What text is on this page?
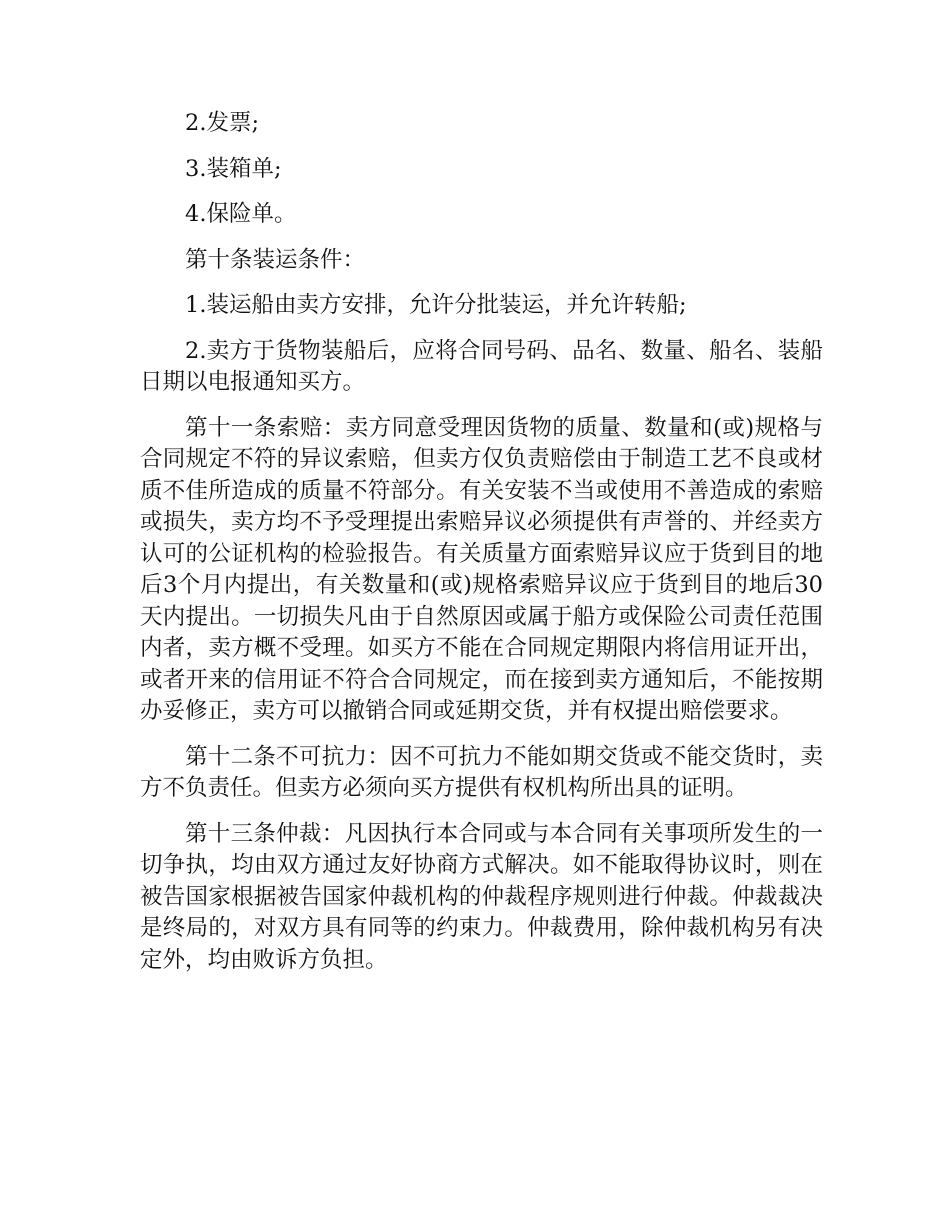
2.发票;

3.装箱单;

4.保险单。

第十条装运条件：

1.装运船由卖方安排，允许分批装运，并允许转船;

2.卖方于货物装船后，应将合同号码、品名、数量、船名、装船日期以电报通知买方。

第十一条索赔：卖方同意受理因货物的质量、数量和(或)规格与合同规定不符的异议索赔，但卖方仅负责赔偿由于制造工艺不良或材质不佳所造成的质量不符部分。有关安装不当或使用不善造成的索赔或损失，卖方均不予受理提出索赔异议必须提供有声誉的、并经卖方认可的公证机构的检验报告。有关质量方面索赔异议应于货到目的地后3个月内提出，有关数量和(或)规格索赔异议应于货到目的地后30天内提出。一切损失凡由于自然原因或属于船方或保险公司责任范围内者，卖方概不受理。如买方不能在合同规定期限内将信用证开出，或者开来的信用证不符合合同规定，而在接到卖方通知后，不能按期办妥修正，卖方可以撤销合同或延期交货，并有权提出赔偿要求。

第十二条不可抗力：因不可抗力不能如期交货或不能交货时，卖方不负责任。但卖方必须向买方提供有权机构所出具的证明。

第十三条仲裁：凡因执行本合同或与本合同有关事项所发生的一切争执，均由双方通过友好协商方式解决。如不能取得协议时，则在被告国家根据被告国家仲裁机构的仲裁程序规则进行仲裁。仲裁裁决是终局的，对双方具有同等的约束力。仲裁费用，除仲裁机构另有决定外，均由败诉方负担。
